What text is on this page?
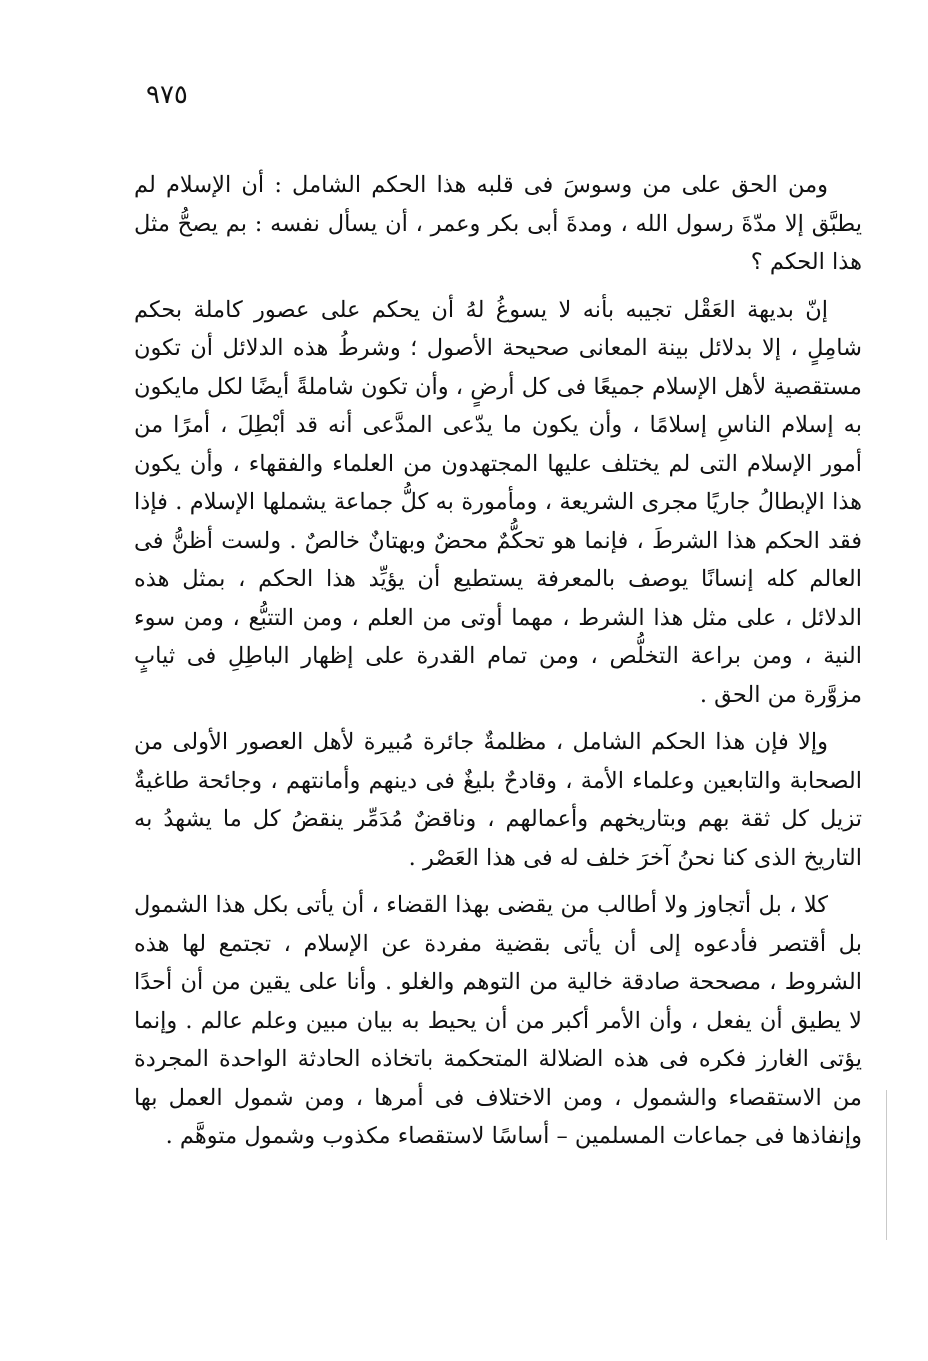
٩٧٥

ومن الحق على من وسوسَ فى قلبه هذا الحكم الشامل : أن الإسلام لم يطبَّق إلا مدّةَ رسول الله ، ومدةَ أبى بكر وعمر ، أن يسأل نفسه : بم يصحُّ مثل هذا الحكم ؟

إنّ بديهة العَقْل تجيبه بأنه لا يسوغُ لهُ أن يحكم على عصور كاملة بحكم شامِلٍ ، إلا بدلائل بينة المعانى صحيحة الأصول ؛ وشرطُ هذه الدلائل أن تكون مستقصية لأهل الإسلام جميعًا فى كل أرضٍ ، وأن تكون شاملةً أيضًا لكل مايكون به إسلام الناسِ إسلامًا ، وأن يكون ما يدّعى المدَّعى أنه قد أبْطِلَ ، أمرًا من أمور الإسلام التى لم يختلف عليها المجتهدون من العلماء والفقهاء ، وأن يكون هذا الإبطالُ جاريًا مجرى الشريعة ، ومأمورة به كلُّ جماعة يشملها الإسلام . فإذا فقد الحكم هذا الشرطَ ، فإنما هو تحكُّمٌ محضٌ وبهتانٌ خالصٌ . ولست أظنُّ فى العالم كله إنسانًا يوصف بالمعرفة يستطيع أن يؤيِّد هذا الحكم ، بمثل هذه الدلائل ، على مثل هذا الشرط ، مهما أوتى من العلم ، ومن التتبُّع ، ومن سوء النية ، ومن براعة التخلُّص ، ومن تمام القدرة على إظهار الباطِلِ فى ثيابٍ مزوَّرة من الحق .

وإلا فإن هذا الحكم الشامل ، مظلمةٌ جائرة مُبيرة لأهل العصور الأولى من الصحابة والتابعين وعلماء الأمة ، وقادحٌ بليغٌ فى دينهم وأمانتهم ، وجائحة طاغيةٌ تزيل كل ثقة بهم وبتاريخهم وأعمالهم ، وناقضٌ مُدَمِّر ينقضُ كل ما يشهدُ به التاريخ الذى كنا نحنُ آخرَ خلف له فى هذا العَصْر .

كلا ، بل أتجاوز ولا أطالب من يقضى بهذا القضاء ، أن يأتى بكل هذا الشمول بل أقتصر فأدعوه إلى أن يأتى بقضية مفردة عن الإسلام ، تجتمع لها هذه الشروط ، مصححة صادقة خالية من التوهم والغلو . وأنا على يقين من أن أحدًا لا يطيق أن يفعل ، وأن الأمر أكبر من أن يحيط به بيان مبين وعلم عالم . وإنما يؤتى الغارز فكره فى هذه الضلالة المتحكمة باتخاذه الحادثة الواحدة المجردة من الاستقصاء والشمول ، ومن الاختلاف فى أمرها ، ومن شمول العمل بها وإنفاذها فى جماعات المسلمين – أساسًا لاستقصاء مكذوب وشمول متوهَّم .
